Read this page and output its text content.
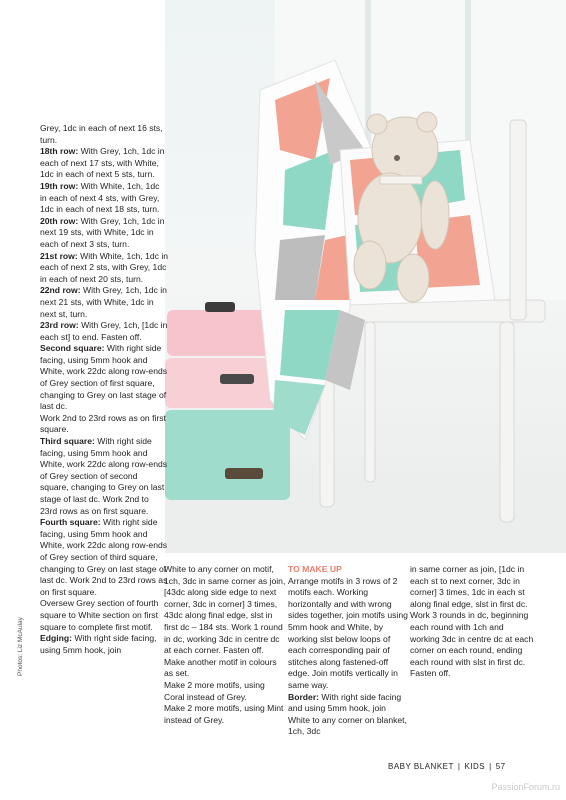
Grey, 1dc in each of next 16 sts, turn.

18th row: With Grey, 1ch, 1dc in each of next 17 sts, with White, 1dc in each of next 5 sts, turn.

19th row: With White, 1ch, 1dc in each of next 4 sts, with Grey, 1dc in each of next 18 sts, turn.

20th row: With Grey, 1ch, 1dc in next 19 sts, with White, 1dc in each of next 3 sts, turn.

21st row: With White, 1ch, 1dc in each of next 2 sts, with Grey, 1dc in each of next 20 sts, turn.

22nd row: With Grey, 1ch, 1dc in next 21 sts, with White, 1dc in next st, turn.

23rd row: With Grey, 1ch, [1dc in each st] to end. Fasten off.

Second square: With right side facing, using 5mm hook and White, work 22dc along row-ends of Grey section of first square, changing to Grey on last stage of last dc.

Work 2nd to 23rd rows as on first square.

Third square: With right side facing, using 5mm hook and White, work 22dc along row-ends of Grey section of second square, changing to Grey on last stage of last dc. Work 2nd to 23rd rows as on first square.

Fourth square: With right side facing, using 5mm hook and White, work 22dc along row-ends of Grey section of third square, changing to Grey on last stage of last dc. Work 2nd to 23rd rows as on first square.

Oversew Grey section of fourth square to White section on first square to complete first motif.

Edging: With right side facing, using 5mm hook, join

White to any corner on motif, 1ch, 3dc in same corner as join, [43dc along side edge to next corner, 3dc in corner] 3 times, 43dc along final edge, slst in first dc – 184 sts. Work 1 round in dc, working 3dc in centre dc at each corner. Fasten off.

Make another motif in colours as set.

Make 2 more motifs, using Coral instead of Grey.

Make 2 more motifs, using Mint instead of Grey.

TO MAKE UP

Arrange motifs in 3 rows of 2 motifs each. Working horizontally and with wrong sides together, join motifs using 5mm hook and White, by working slst below loops of each corresponding pair of stitches along fastened-off edge. Join motifs vertically in same way.

Border: With right side facing and using 5mm hook, join White to any corner on blanket, 1ch, 3dc

in same corner as join, [1dc in each st to next corner, 3dc in corner] 3 times, 1dc in each st along final edge, slst in first dc.

Work 3 rounds in dc, beginning each round with 1ch and working 3dc in centre dc at each corner on each round, ending each round with slst in first dc.

Fasten off.

Photos: Liz McAulay
BABY BLANKET | KIDS | 57
PassionForum.ru
